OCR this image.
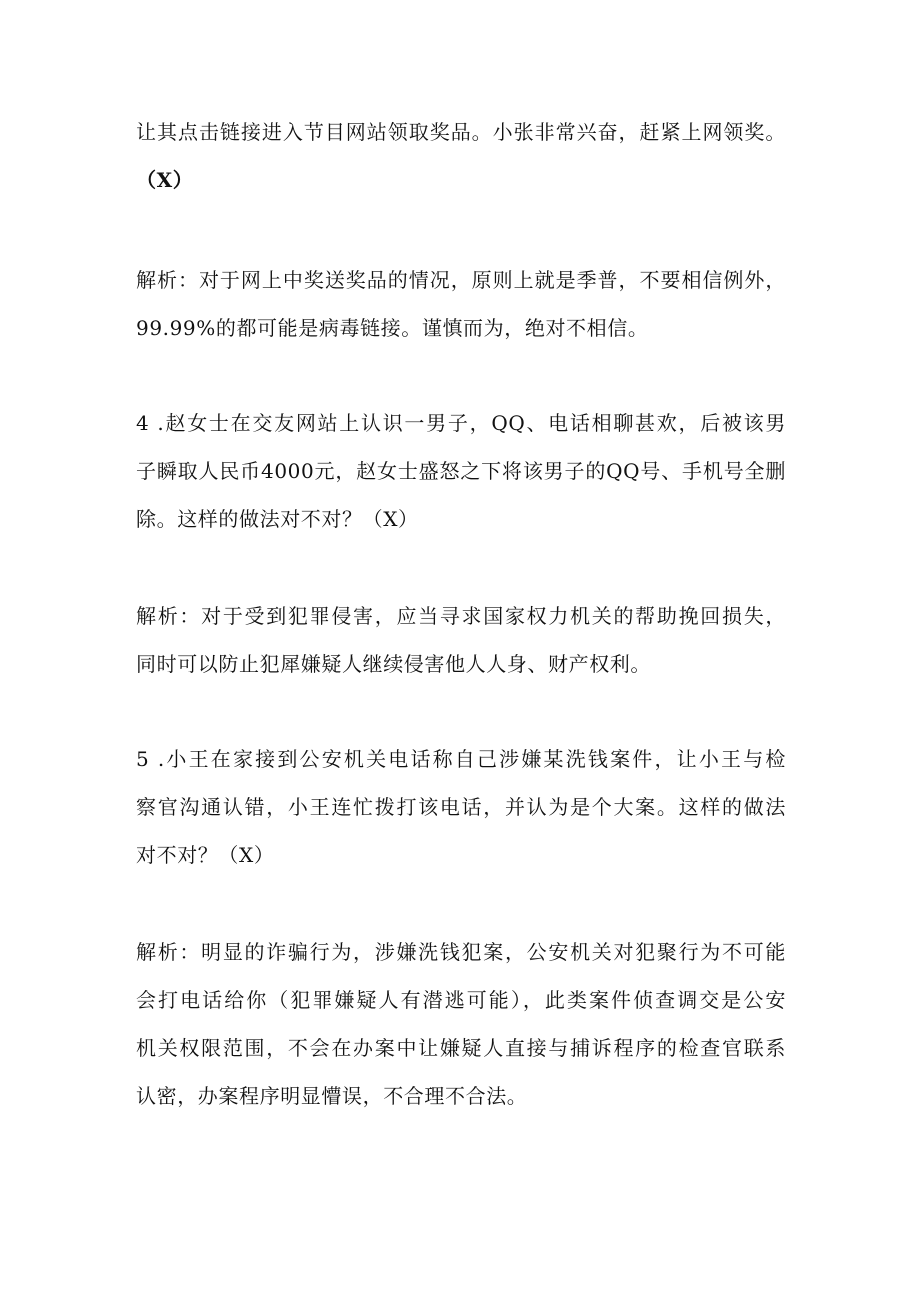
让其点击链接进入节目网站领取奖品。小张非常兴奋，赶紧上网领奖。
（X）
解析：对于网上中奖送奖品的情况，原则上就是季普，不要相信例外，
99.99%的都可能是病毒链接。谨慎而为，绝对不相信。
4 .赵女士在交友网站上认识一男子，QQ、电话相聊甚欢，后被该男
子瞬取人民币4000元，赵女士盛怒之下将该男子的QQ号、手机号全删
除。这样的做法对不对？（X）
解析：对于受到犯罪侵害，应当寻求国家权力机关的帮助挽回损失，
同时可以防止犯犀嫌疑人继续侵害他人人身、财产权利。
5 .小王在家接到公安机关电话称自己涉嫌某洗钱案件，让小王与检
察官沟通认错，小王连忙拨打该电话，并认为是个大案。这样的做法
对不对？（X）
解析：明显的诈骗行为，涉嫌洗钱犯案，公安机关对犯聚行为不可能
会打电话给你（犯罪嫌疑人有潜逃可能），此类案件侦查调交是公安
机关权限范围，不会在办案中让嫌疑人直接与捕诉程序的检查官联系
认密，办案程序明显懵误，不合理不合法。
